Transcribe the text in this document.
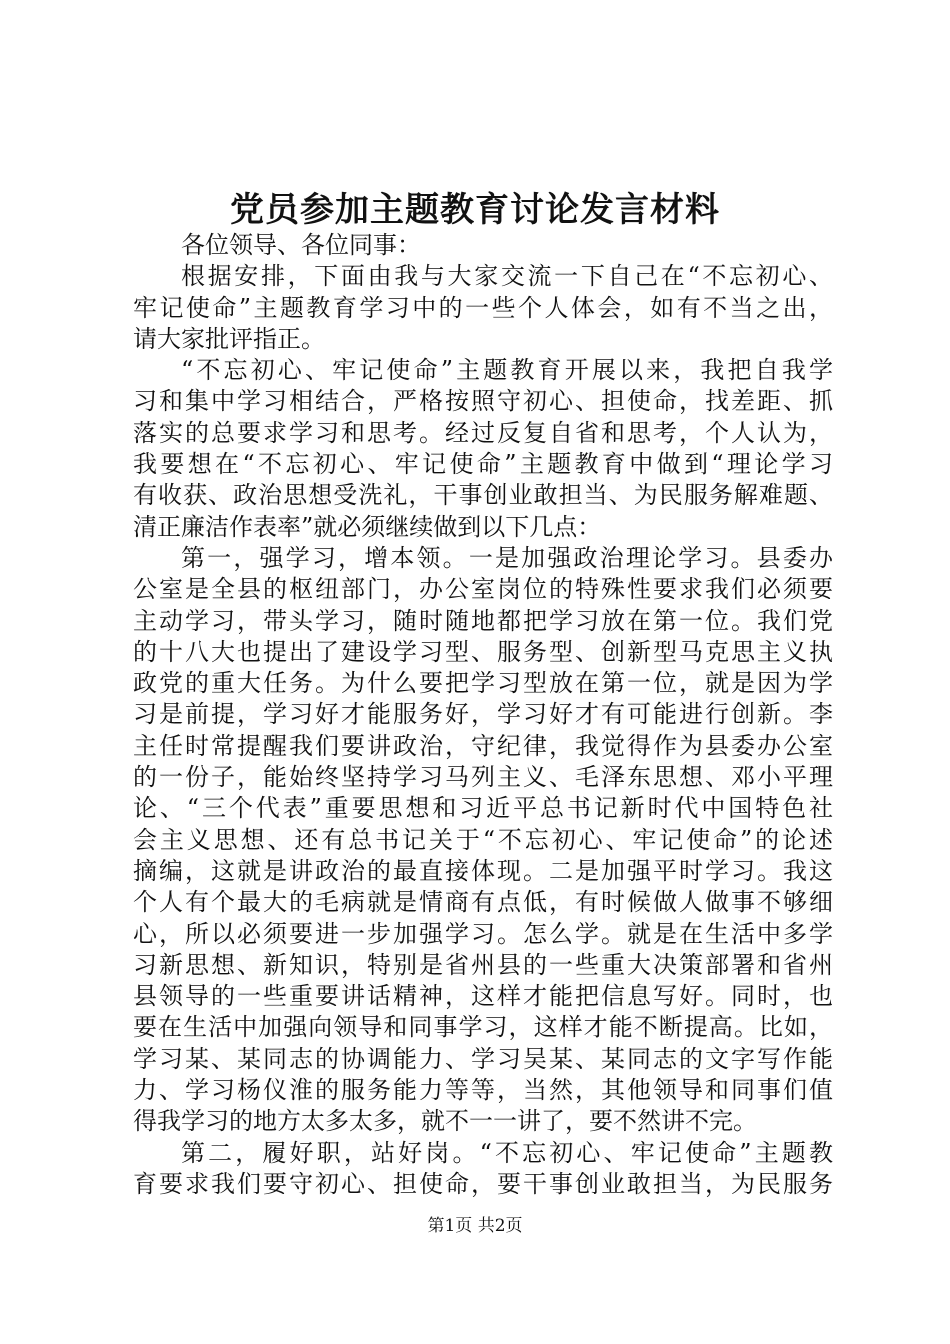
党员参加主题教育讨论发言材料
各位领导、各位同事：
根据安排，下面由我与大家交流一下自己在“不忘初心、
牢记使命”主题教育学习中的一些个人体会，如有不当之出，
请大家批评指正。
“不忘初心、牢记使命”主题教育开展以来，我把自我学
习和集中学习相结合，严格按照守初心、担使命，找差距、抓
落实的总要求学习和思考。经过反复自省和思考，个人认为，
我要想在“不忘初心、牢记使命”主题教育中做到“理论学习
有收获、政治思想受洗礼，干事创业敢担当、为民服务解难题、
清正廉洁作表率”就必须继续做到以下几点：
第一，强学习，增本领。一是加强政治理论学习。县委办
公室是全县的枢纽部门，办公室岗位的特殊性要求我们必须要
主动学习，带头学习，随时随地都把学习放在第一位。我们党
的十八大也提出了建设学习型、服务型、创新型马克思主义执
政党的重大任务。为什么要把学习型放在第一位，就是因为学
习是前提，学习好才能服务好，学习好才有可能进行创新。李
主任时常提醒我们要讲政治，守纪律，我觉得作为县委办公室
的一份子，能始终坚持学习马列主义、毛泽东思想、邓小平理
论、“三个代表”重要思想和习近平总书记新时代中国特色社
会主义思想、还有总书记关于“不忘初心、牢记使命”的论述
摘编，这就是讲政治的最直接体现。二是加强平时学习。我这
个人有个最大的毛病就是情商有点低，有时候做人做事不够细
心，所以必须要进一步加强学习。怎么学。就是在生活中多学
习新思想、新知识，特别是省州县的一些重大决策部署和省州
县领导的一些重要讲话精神，这样才能把信息写好。同时，也
要在生活中加强向领导和同事学习，这样才能不断提高。比如，
学习某、某同志的协调能力、学习吴某、某同志的文字写作能
力、学习杨仪淮的服务能力等等，当然，其他领导和同事们值
得我学习的地方太多太多，就不一一讲了，要不然讲不完。
第二，履好职，站好岗。“不忘初心、牢记使命”主题教
育要求我们要守初心、担使命，要干事创业敢担当，为民服务
第1页 共2页
